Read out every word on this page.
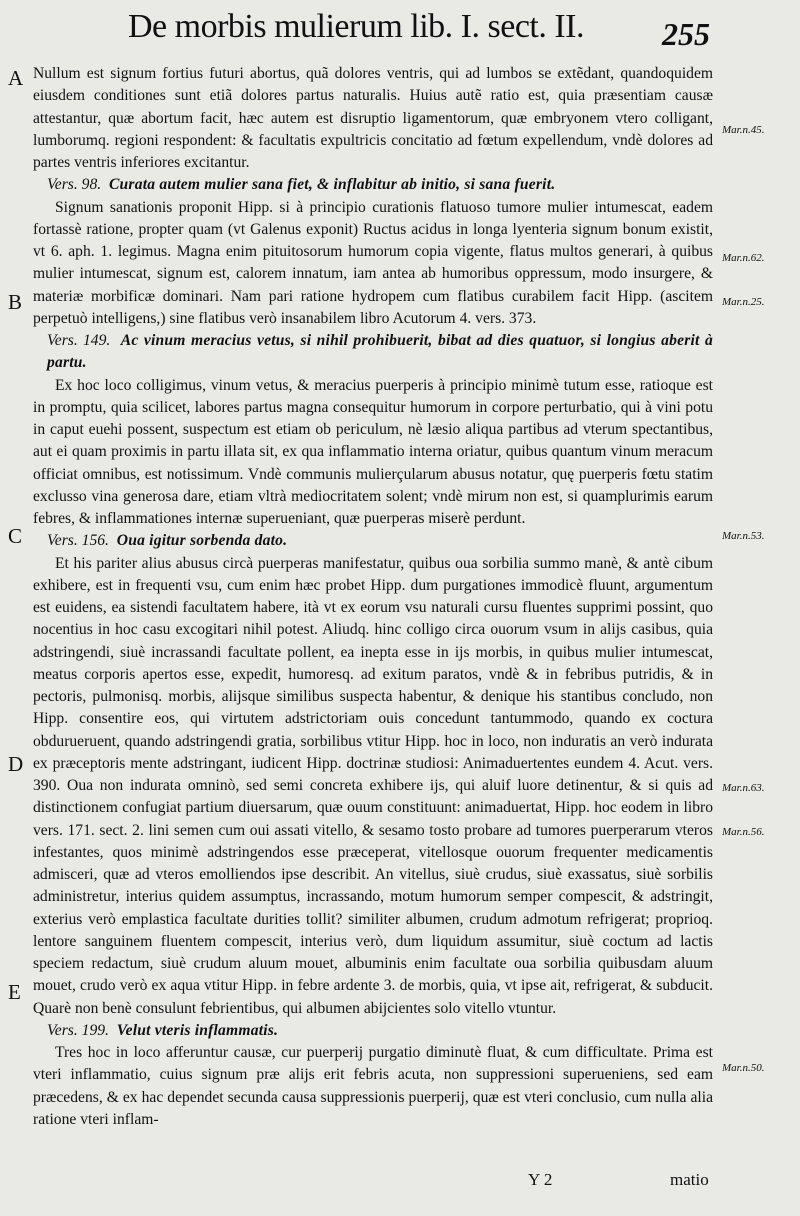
De morbis mulierum lib. I. sect. II. 255
A
B
C
D
E
Mar.n.45.
Mar.n.62.
Mar.n.25.
Mar.n.53.
Mar.n.63.
Mar.n.56.
Mar.n.50.

Nullum est signum fortius futuri abortus, quã dolores ventris, qui ad lumbos se extẽdant, quandoquidem eiusdem conditiones sunt etiã dolores partus naturalis. Huius autẽ ratio est, quia præsentiam causæ attestantur, quæ abortum facit, hæc autem est disruptio ligamentorum, quæ embryonem vtero colligant, lumborumq. regioni respondent: & facultatis expultricis concitatio ad fœtum expellendum, vndè dolores ad partes ventris inferiores excitantur.

Vers. 98. Curata autem mulier sana fiet, & inflabitur ab initio, si sana fuerit.

Signum sanationis proponit Hipp. si à principio curationis flatuoso tumore mulier intumescat, eadem fortassè ratione, propter quam (vt Galenus exponit) Ructus acidus in longa lyenteria signum bonum existit, vt 6. aph. 1. legimus. Magna enim pituitosorum humorum copia vigente, flatus multos generari, à quibus mulier intumescat, signum est, calorem innatum, iam antea ab humoribus oppressum, modo insurgere, & materiæ morbificæ dominari. Nam pari ratione hydropem cum flatibus curabilem facit Hipp. (ascitem perpetuò intelligens,) sine flatibus verò insanabilem libro Acutorum 4. vers. 373.

Vers. 149. Ac vinum meracius vetus, si nihil prohibuerit, bibat ad dies quatuor, si longius aberit à partu.

Ex hoc loco colligimus, vinum vetus, & meracius puerperis à principio minimè tutum esse, ratioque est in promptu, quia scilicet, labores partus magna consequitur humorum in corpore perturbatio, qui à vini potu in caput euehi possent, suspectum est etiam ob periculum, nè læsio aliqua partibus ad vterum spectantibus, aut ei quam proximis in partu illata sit, ex qua inflammatio interna oriatur, quibus quantum vinum meracum officiat omnibus, est notissimum. Vndè communis mulierçularum abusus notatur, quę puerperis fœtu statim exclusso vina generosa dare, etiam vltrà mediocritatem solent; vndè mirum non est, si quamplurimis earum febres, & inflammationes internæ superueniant, quæ puerperas miserè perdunt.

Vers. 156. Oua igitur sorbenda dato.

Et his pariter alius abusus circà puerperas manifestatur, quibus oua sorbilia summo manè, & antè cibum exhibere, est in frequenti vsu, cum enim hæc probet Hipp. dum purgationes immodicè fluunt, argumentum est euidens, ea sistendi facultatem habere, ità vt ex eorum vsu naturali cursu fluentes supprimi possint, quo nocentius in hoc casu excogitari nihil potest. Aliudq. hinc colligo circa ouorum vsum in alijs casibus, quia adstringendi, siuè incrassandi facultate pollent, ea inepta esse in ijs morbis, in quibus mulier intumescat, meatus corporis apertos esse, expedit, humoresq. ad exitum paratos, vndè & in febribus putridis, & in pectoris, pulmonisq. morbis, alijsque similibus suspecta habentur, & denique his stantibus concludo, non Hipp. consentire eos, qui virtutem adstrictoriam ouis concedunt tantummodo, quando ex coctura obdurueruent, quando adstringendi gratia, sorbilibus vtitur Hipp. hoc in loco, non induratis an verò indurata ex præceptoris mente adstringant, iudicent Hipp. doctrinæ studiosi: Animaduertentes eundem 4. Acut. vers. 390. Oua non indurata omninò, sed semi concreta exhibere ijs, qui aluif luore detinentur, & si quis ad distinctionem confugiat partium diuersarum, quæ ouum constituunt: animaduertat, Hipp. hoc eodem in libro vers. 171. sect. 2. lini semen cum oui assati vitello, & sesamo tosto probare ad tumores puerperarum vteros infestantes, quos minimè adstringendos esse præceperat, vitellosque ouorum frequenter medicamentis admisceri, quæ ad vteros emolliendos ipse describit. An vitellus, siuè crudus, siuè exassatus, siuè sorbilis administretur, interius quidem assumptus, incrassando, motum humorum semper compescit, & adstringit, exterius verò emplastica facultate durities tollit? similiter albumen, crudum admotum refrigerat; proprioq. lentore sanguinem fluentem compescit, interius verò, dum liquidum assumitur, siuè coctum ad lactis speciem redactum, siuè crudum aluum mouet, albuminis enim facultate oua sorbilia quibusdam aluum mouet, crudo verò ex aqua vtitur Hipp. in febre ardente 3. de morbis, quia, vt ipse ait, refrigerat, & subducit. Quarè non benè consulunt febrientibus, qui albumen abijcientes solo vitello vtuntur.

Vers. 199. Velut vteris inflammatis.

Tres hoc in loco afferuntur causæ, cur puerperij purgatio diminutè fluat, & cum difficultate. Prima est vteri inflammatio, cuius signum præ alijs erit febris acuta, non suppressioni superueniens, sed eam præcedens, & ex hac dependet secunda causa suppressionis puerperij, quæ est vteri conclusio, cum nulla alia ratione vteri inflam-

Y 2	matio
